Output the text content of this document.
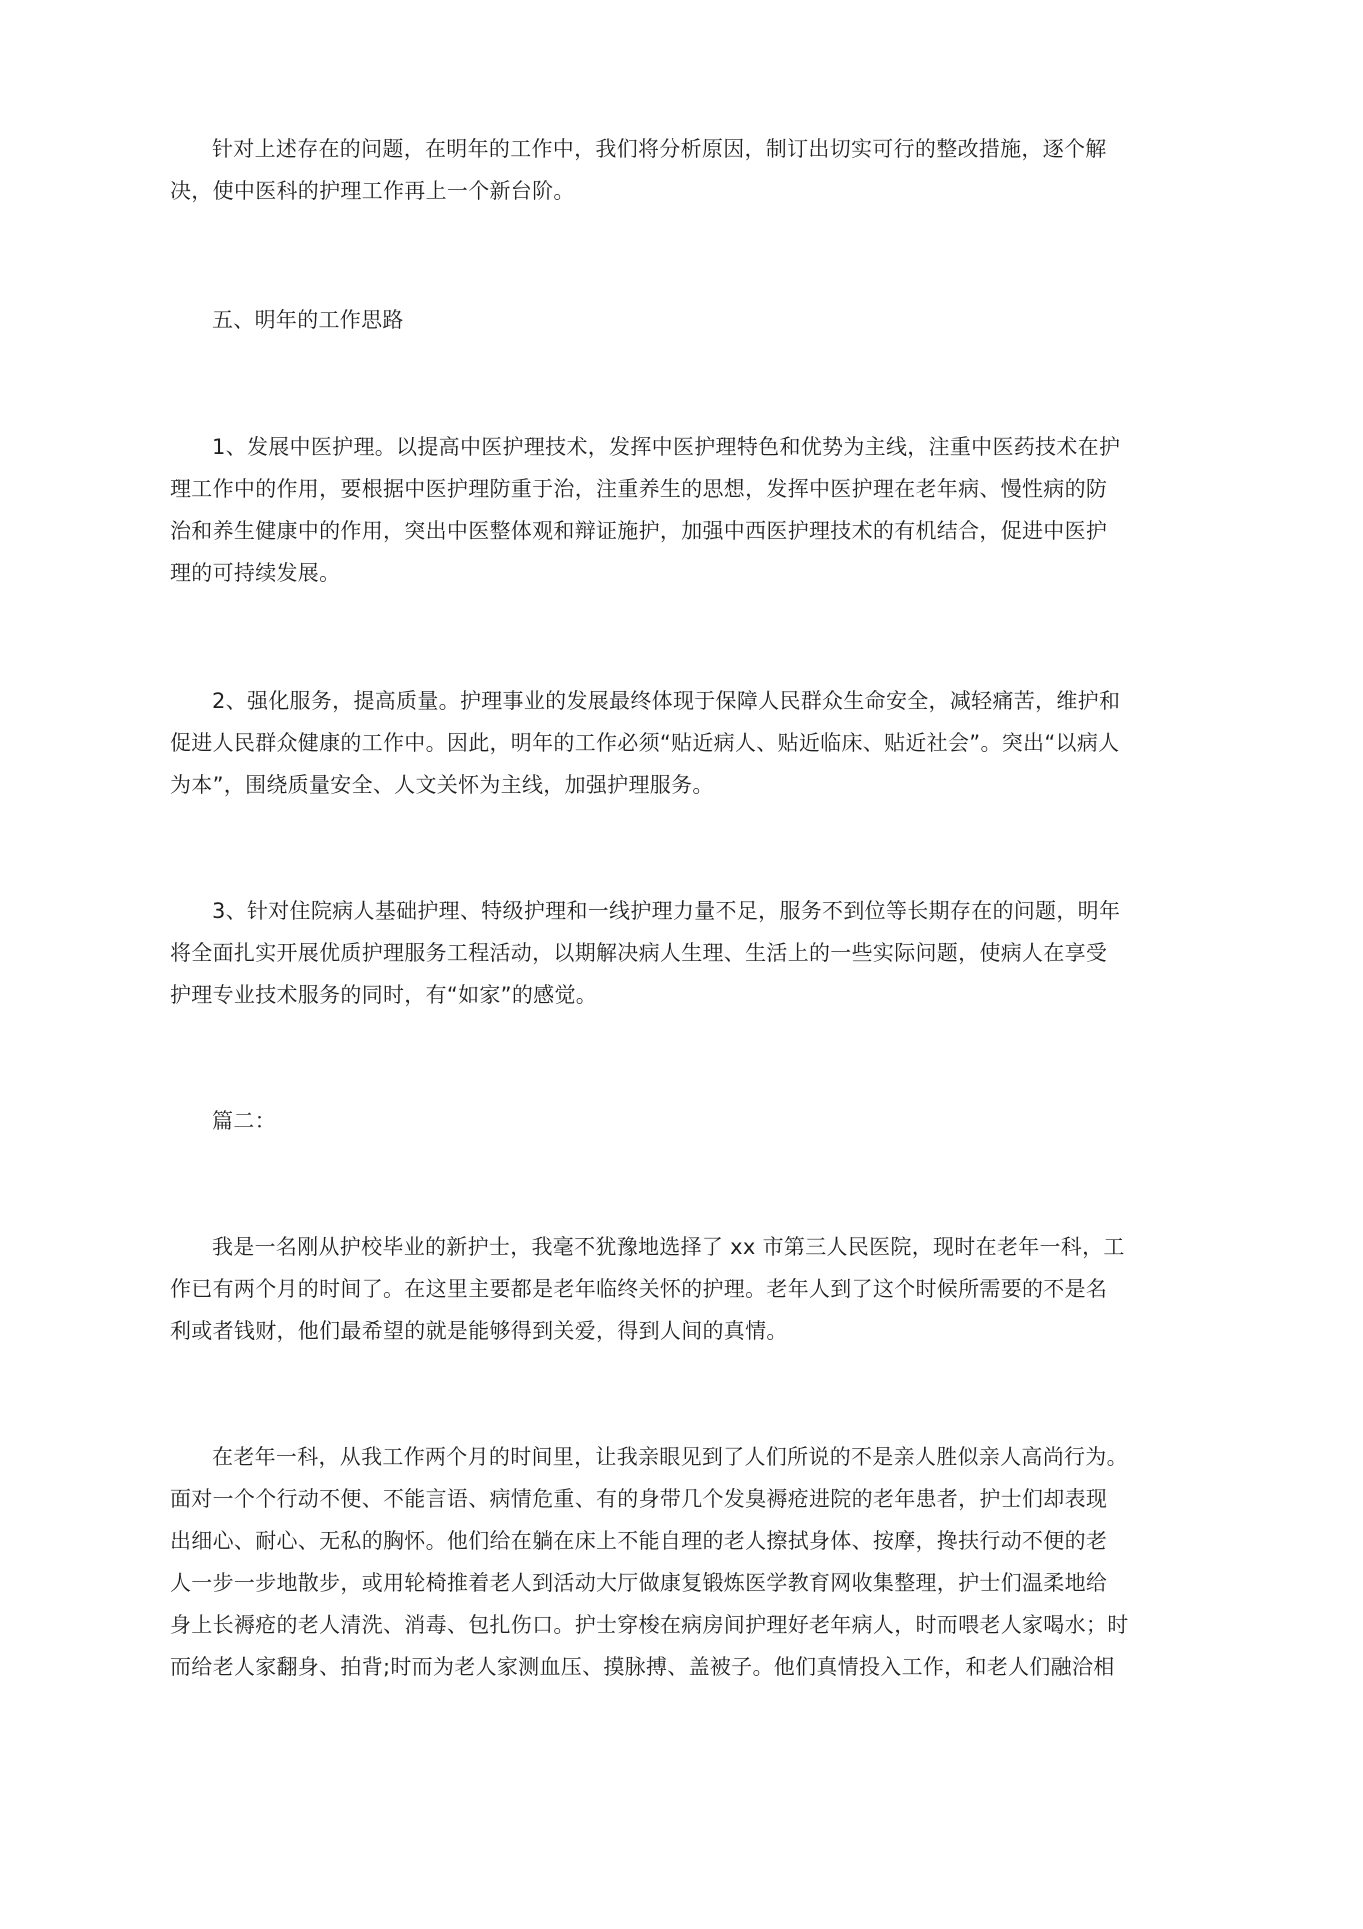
针对上述存在的问题，在明年的工作中，我们将分析原因，制订出切实可行的整改措施，逐个解
决，使中医科的护理工作再上一个新台阶。
五、明年的工作思路
1、发展中医护理。以提高中医护理技术，发挥中医护理特色和优势为主线，注重中医药技术在护
理工作中的作用，要根据中医护理防重于治，注重养生的思想，发挥中医护理在老年病、慢性病的防
治和养生健康中的作用，突出中医整体观和辩证施护，加强中西医护理技术的有机结合，促进中医护
理的可持续发展。
2、强化服务，提高质量。护理事业的发展最终体现于保障人民群众生命安全，减轻痛苦，维护和
促进人民群众健康的工作中。因此，明年的工作必须“贴近病人、贴近临床、贴近社会”。突出“以病人
为本”，围绕质量安全、人文关怀为主线，加强护理服务。
3、针对住院病人基础护理、特级护理和一线护理力量不足，服务不到位等长期存在的问题，明年
将全面扎实开展优质护理服务工程活动，以期解决病人生理、生活上的一些实际问题，使病人在享受
护理专业技术服务的同时，有“如家”的感觉。
篇二：
我是一名刚从护校毕业的新护士，我毫不犹豫地选择了 xx 市第三人民医院，现时在老年一科，工
作已有两个月的时间了。在这里主要都是老年临终关怀的护理。老年人到了这个时候所需要的不是名
利或者钱财，他们最希望的就是能够得到关爱，得到人间的真情。
在老年一科，从我工作两个月的时间里，让我亲眼见到了人们所说的不是亲人胜似亲人高尚行为。
面对一个个行动不便、不能言语、病情危重、有的身带几个发臭褥疮进院的老年患者，护士们却表现
出细心、耐心、无私的胸怀。他们给在躺在床上不能自理的老人擦拭身体、按摩，搀扶行动不便的老
人一步一步地散步，或用轮椅推着老人到活动大厅做康复锻炼医学教育网收集整理，护士们温柔地给
身上长褥疮的老人清洗、消毒、包扎伤口。护士穿梭在病房间护理好老年病人，时而喂老人家喝水；时
而给老人家翻身、拍背;时而为老人家测血压、摸脉搏、盖被子。他们真情投入工作，和老人们融洽相
